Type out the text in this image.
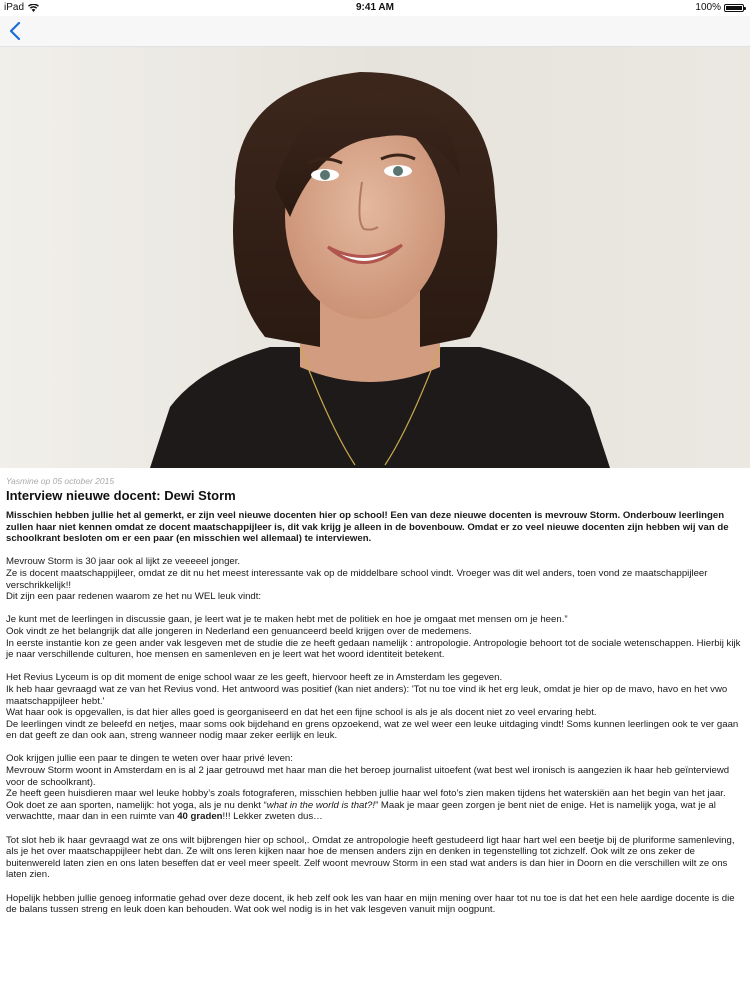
iPad	9:41 AM	100%
Yasmine op 05 october 2015
Interview nieuwe docent: Dewi Storm

Misschien hebben jullie het al gemerkt, er zijn veel nieuwe docenten hier op school! Een van deze nieuwe docenten is mevrouw Storm. Onderbouw leerlingen zullen haar niet kennen omdat ze docent maatschappijleer is, dit vak krijg je alleen in de bovenbouw. Omdat er zo veel nieuwe docenten zijn hebben wij van de schoolkrant besloten om er een paar (en misschien wel allemaal) te interviewen.

Mevrouw Storm is 30 jaar ook al lijkt ze veeeeel jonger.
Ze is docent maatschappijleer, omdat ze dit nu het meest interessante vak op de middelbare school vindt. Vroeger was dit wel anders, toen vond ze maatschappijleer verschrikkelijk!!
Dit zijn een paar redenen waarom ze het nu WEL leuk vindt:

Je kunt met de leerlingen in discussie gaan, je leert wat je te maken hebt met de politiek en hoe je omgaat met mensen om je heen.”
Ook vindt ze het belangrijk dat alle jongeren in Nederland een genuanceerd beeld krijgen over de medemens.
In eerste instantie kon ze geen ander vak lesgeven met de studie die ze heeft gedaan namelijk : antropologie. Antropologie behoort tot de sociale wetenschappen. Hierbij kijk je naar verschillende culturen, hoe mensen en samenleven en je leert wat het woord identiteit betekent.

Het Revius Lyceum is op dit moment de enige school waar ze les geeft, hiervoor heeft ze in Amsterdam les gegeven.
Ik heb haar gevraagd wat ze van het Revius vond. Het antwoord was positief (kan niet anders): 'Tot nu toe vind ik het erg leuk, omdat je hier op de mavo, havo en het vwo maatschappijleer hebt.'
Wat haar ook is opgevallen, is dat hier alles goed is georganiseerd en dat het een fijne school is als je als docent niet zo veel ervaring hebt.
De leerlingen vindt ze beleefd en netjes, maar soms ook bijdehand en grens opzoekend, wat ze wel weer een leuke uitdaging vindt! Soms kunnen leerlingen ook te ver gaan en dat geeft ze dan ook aan, streng wanneer nodig maar zeker eerlijk en leuk.

Ook krijgen jullie een paar te dingen te weten over haar privé leven:
Mevrouw Storm woont in Amsterdam en is al 2 jaar getrouwd met haar man die het beroep journalist uitoefent (wat best wel ironisch is aangezien ik haar heb geïnterviewd voor de schoolkrant).
Ze heeft geen huisdieren maar wel leuke hobby’s zoals fotograferen, misschien hebben jullie haar wel foto’s zien maken tijdens het waterskiën aan het begin van het jaar.
Ook doet ze aan sporten, namelijk: hot yoga, als je nu denkt “what in the world is that?!” Maak je maar geen zorgen je bent niet de enige. Het is namelijk yoga, wat je al verwachtte, maar dan in een ruimte van 40 graden!!! Lekker zweten dus…

Tot slot heb ik haar gevraagd wat ze ons wilt bijbrengen hier op school,. Omdat ze antropologie heeft gestudeerd ligt haar hart wel een beetje bij de pluriforme samenleving, als je het over maatschappijleer hebt dan. Ze wilt ons leren kijken naar hoe de mensen anders zijn en denken in tegenstelling tot zichzelf. Ook wilt ze ons zeker de buitenwereld laten zien en ons laten beseffen dat er veel meer speelt. Zelf woont mevrouw Storm in een stad wat anders is dan hier in Doorn en die verschillen wilt ze ons laten zien.

Hopelijk hebben jullie genoeg informatie gehad over deze docent, ik heb zelf ook les van haar en mijn mening over haar tot nu toe is dat het een hele aardige docente is die de balans tussen streng en leuk doen kan behouden. Wat ook wel nodig is in het vak lesgeven vanuit mijn oogpunt.
